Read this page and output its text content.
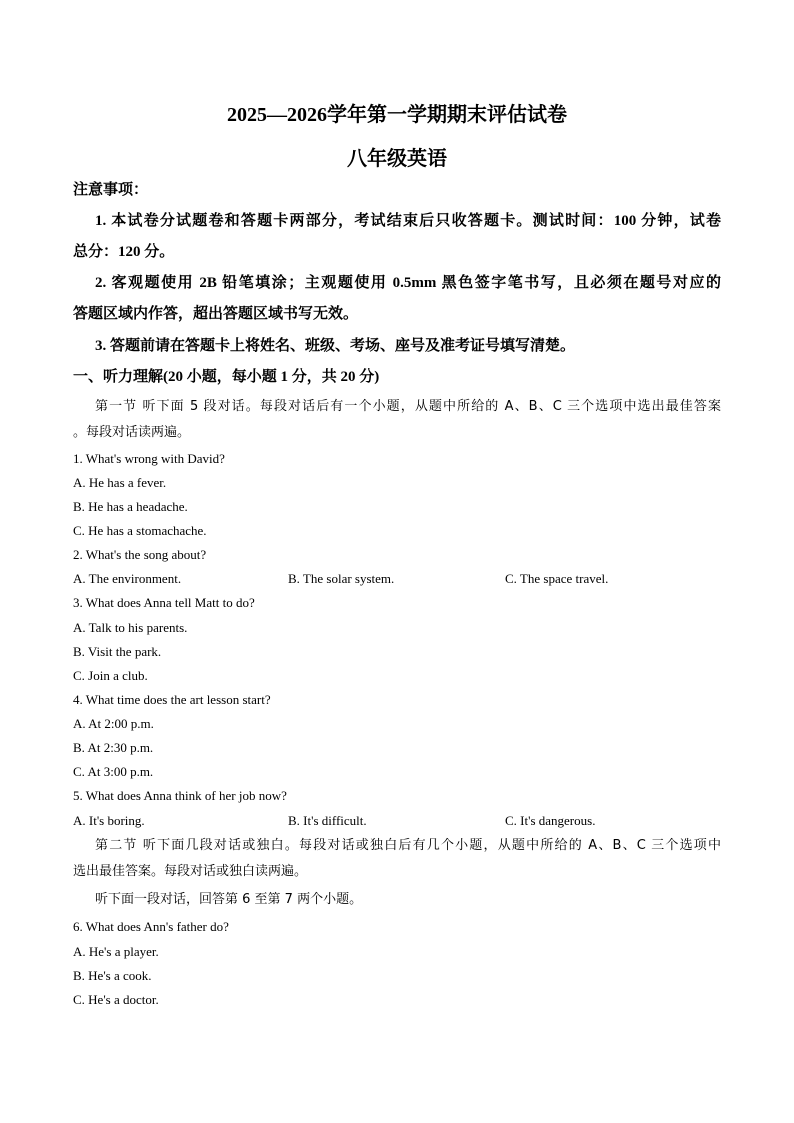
2025—2026学年第一学期期末评估试卷
八年级英语
注意事项：
1. 本试卷分试题卷和答题卡两部分，考试结束后只收答题卡。测试时间：100 分钟，试卷
总分：120 分。
2. 客观题使用 2B 铅笔填涂；主观题使用 0.5mm 黑色签字笔书写，且必须在题号对应的
答题区域内作答，超出答题区域书写无效。
3. 答题前请在答题卡上将姓名、班级、考场、座号及准考证号填写清楚。
一、听力理解(20 小题，每小题 1 分，共 20 分)
第一节 听下面 5 段对话。每段对话后有一个小题，从题中所给的 A、B、C 三个选项中选出最佳答案
。每段对话读两遍。
1. What's wrong with David?
A. He has a fever.
B. He has a headache.
C. He has a stomachache.
2. What's the song about?
A. The environment.	B. The solar system.	C. The space travel.
3. What does Anna tell Matt to do?
A. Talk to his parents.
B. Visit the park.
C. Join a club.
4. What time does the art lesson start?
A. At 2:00 p.m.
B. At 2:30 p.m.
C. At 3:00 p.m.
5. What does Anna think of her job now?
A. It's boring.	B. It's difficult.	C. It's dangerous.
第二节 听下面几段对话或独白。每段对话或独白后有几个小题，从题中所给的 A、B、C 三个选项中
选出最佳答案。每段对话或独白读两遍。
听下面一段对话，回答第 6 至第 7 两个小题。
6. What does Ann's father do?
A. He's a player.
B. He's a cook.
C. He's a doctor.
